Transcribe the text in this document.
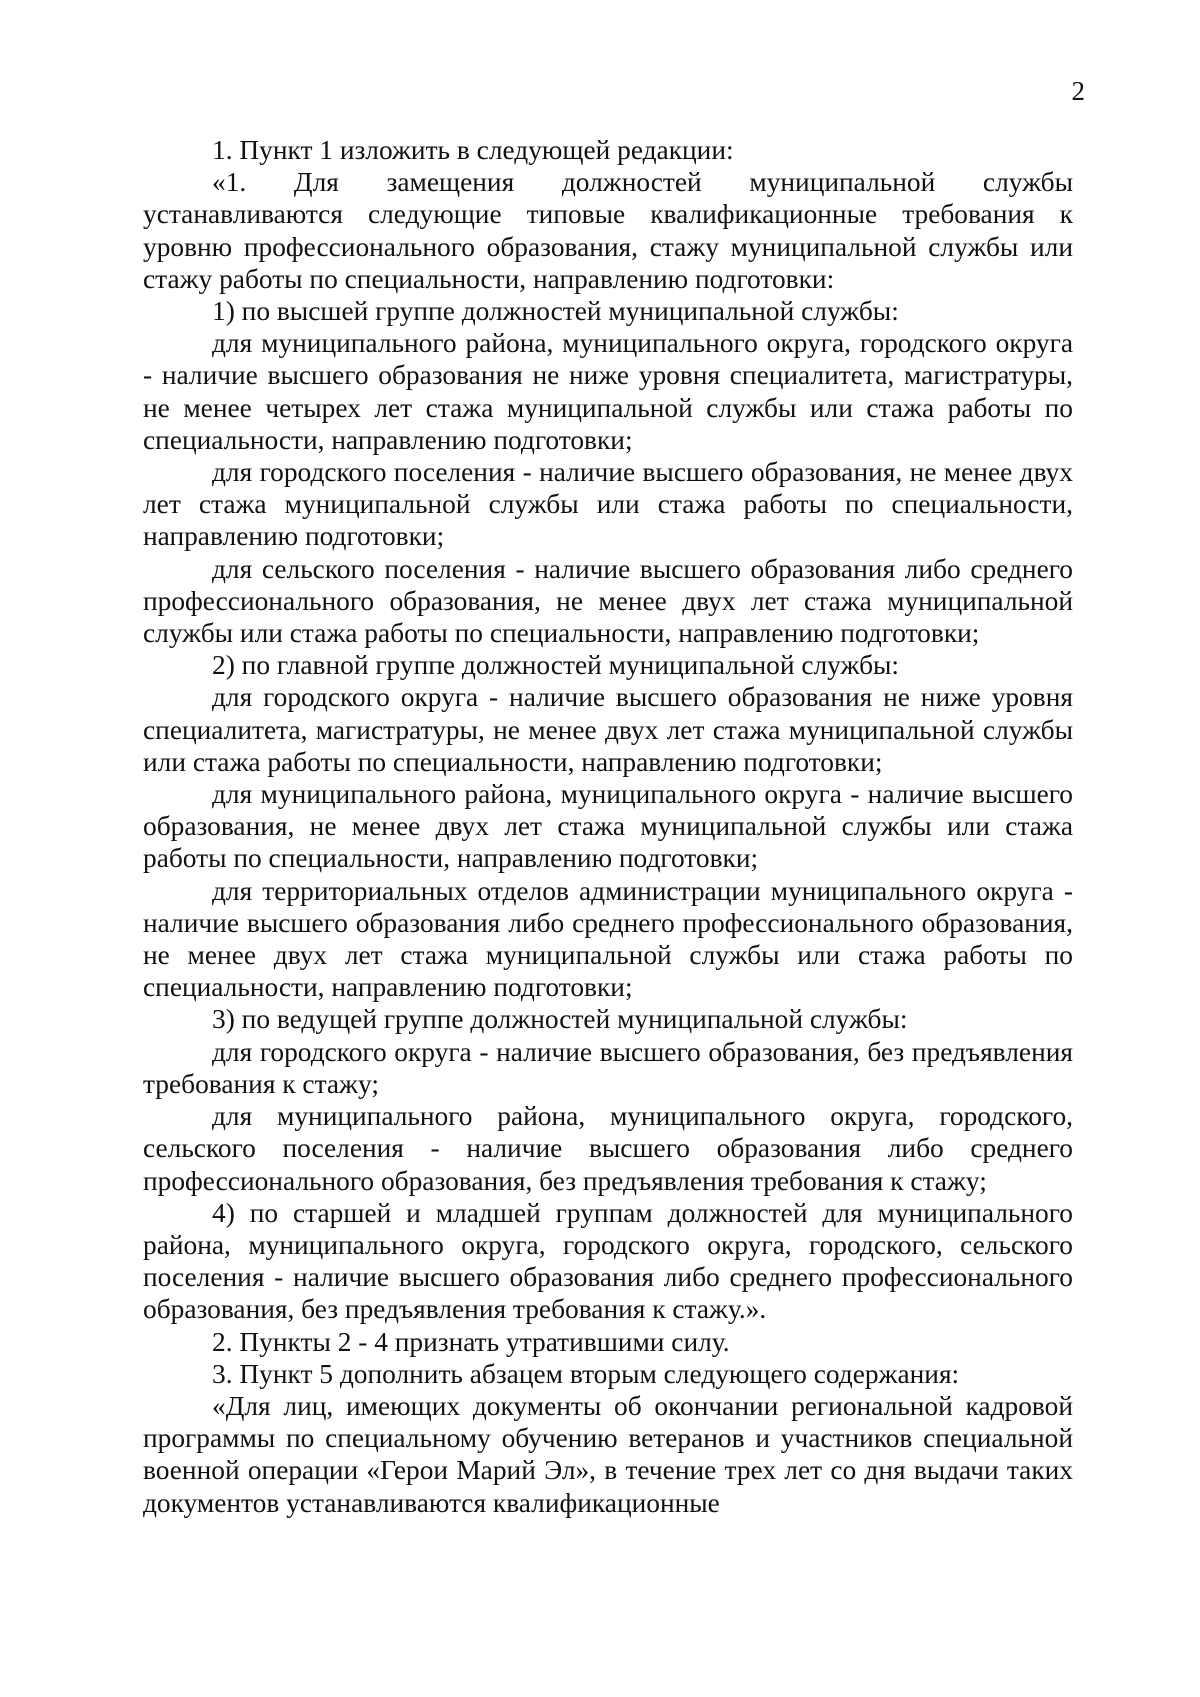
2

1. Пункт 1 изложить в следующей редакции:

«1. Для замещения должностей муниципальной службы устанавливаются следующие типовые квалификационные требования к уровню профессионального образования, стажу муниципальной службы или стажу работы по специальности, направлению подготовки:

1) по высшей группе должностей муниципальной службы:

для муниципального района, муниципального округа, городского округа - наличие высшего образования не ниже уровня специалитета, магистратуры, не менее четырех лет стажа муниципальной службы или стажа работы по специальности, направлению подготовки;

для городского поселения - наличие высшего образования, не менее двух лет стажа муниципальной службы или стажа работы по специальности, направлению подготовки;

для сельского поселения - наличие высшего образования либо среднего профессионального образования, не менее двух лет стажа муниципальной службы или стажа работы по специальности, направлению подготовки;

2) по главной группе должностей муниципальной службы:

для городского округа - наличие высшего образования не ниже уровня специалитета, магистратуры, не менее двух лет стажа муниципальной службы или стажа работы по специальности, направлению подготовки;

для муниципального района, муниципального округа - наличие высшего образования, не менее двух лет стажа муниципальной службы или стажа работы по специальности, направлению подготовки;

для территориальных отделов администрации муниципального округа - наличие высшего образования либо среднего профессионального образования, не менее двух лет стажа муниципальной службы или стажа работы по специальности, направлению подготовки;

3) по ведущей группе должностей муниципальной службы:

для городского округа - наличие высшего образования, без предъявления требования к стажу;

для муниципального района, муниципального округа, городского, сельского поселения - наличие высшего образования либо среднего профессионального образования, без предъявления требования к стажу;

4) по старшей и младшей группам должностей для муниципального района, муниципального округа, городского округа, городского, сельского поселения - наличие высшего образования либо среднего профессионального образования, без предъявления требования к стажу.».

2. Пункты 2 - 4 признать утратившими силу.

3. Пункт 5 дополнить абзацем вторым следующего содержания:

«Для лиц, имеющих документы об окончании региональной кадровой программы по специальному обучению ветеранов и участников специальной военной операции «Герои Марий Эл», в течение трех лет со дня выдачи таких документов устанавливаются квалификационные
